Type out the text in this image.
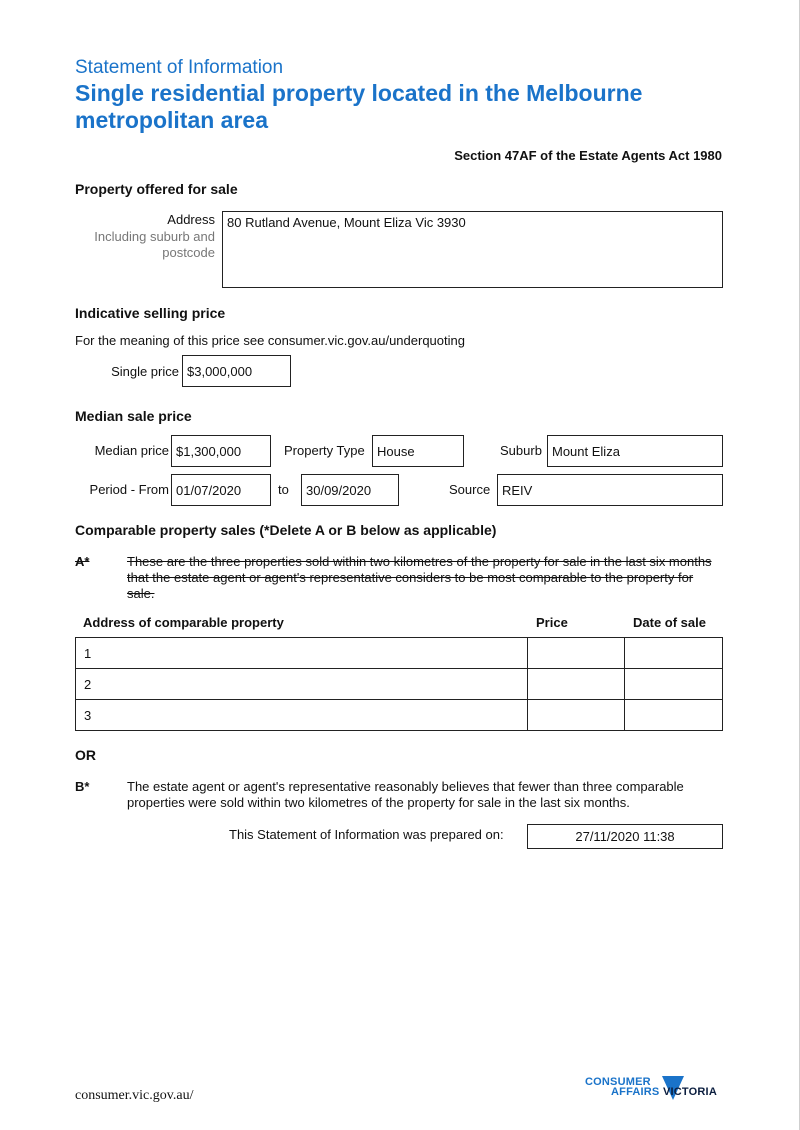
Statement of Information
Single residential property located in the Melbourne metropolitan area
Section 47AF of the Estate Agents Act 1980
Property offered for sale
Address
Including suburb and postcode
80 Rutland Avenue, Mount Eliza Vic 3930
Indicative selling price
For the meaning of this price see consumer.vic.gov.au/underquoting
Single price $3,000,000
Median sale price
Median price $1,300,000	Property Type House	Suburb Mount Eliza
Period - From 01/07/2020	to	30/09/2020	Source REIV
Comparable property sales (*Delete A or B below as applicable)
A*	These are the three properties sold within two kilometres of the property for sale in the last six months that the estate agent or agent's representative considers to be most comparable to the property for sale.
Address of comparable property	Price	Date of sale
1		
2		
3		
OR
B*	The estate agent or agent's representative reasonably believes that fewer than three comparable properties were sold within two kilometres of the property for sale in the last six months.
This Statement of Information was prepared on:	27/11/2020 11:38
consumer.vic.gov.au/
CONSUMER
AFFAIRS VICTORIA
